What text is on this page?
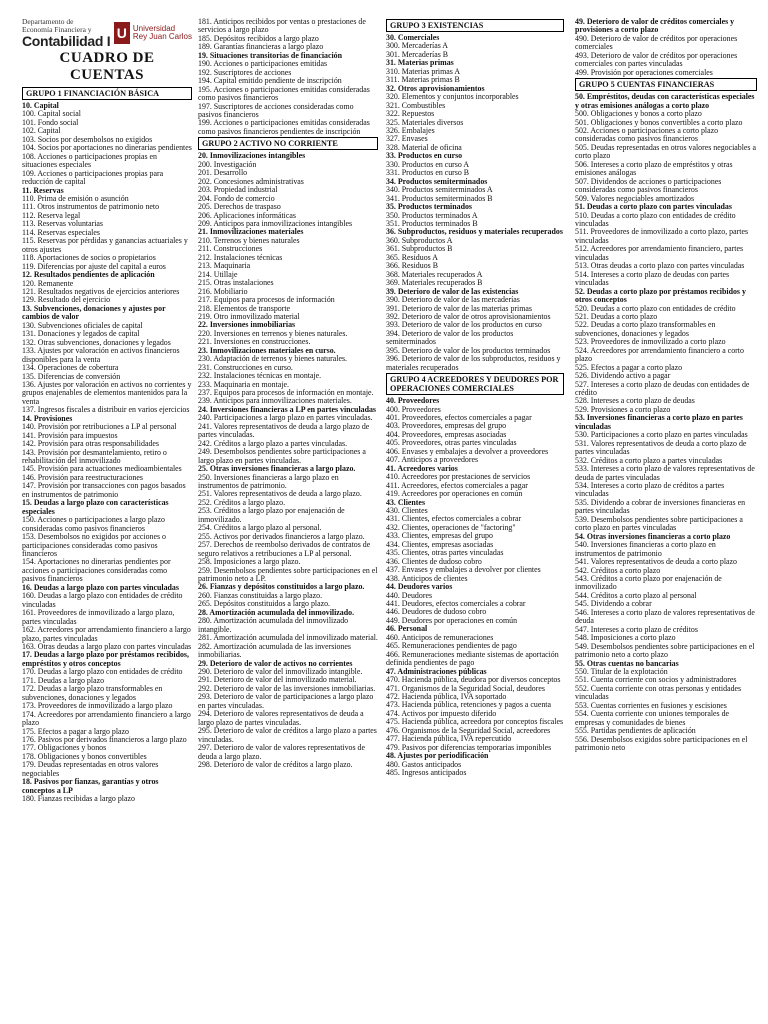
Departamento de
Economía Financiera y
Contabilidad I U Universidad
Rey Juan Carlos
CUADRO DE CUENTAS
GRUPO 1 FINANCIACIÓN BÁSICA
10. Capital
100. Capital social
101. Fondo social
102. Capital
103. Socios por desembolsos no exigidos
104. Socios por aportaciones no dinerarias pendientes
108. Acciones o participaciones propias en situaciones especiales
109. Acciones o participaciones propias para reducción de capital
11. Reservas
110. Prima de emisión o asunción
111. Otros instrumentos de patrimonio neto
112. Reserva legal
113. Reservas voluntarias
114. Reservas especiales
115. Reservas por pérdidas y ganancias actuariales y otros ajustes
118. Aportaciones de socios o propietarios
119. Diferencias por ajuste del capital a euros
12. Resultados pendientes de aplicación
120. Remanente
121. Resultados negativos de ejercicios anteriores
129. Resultado del ejercicio
13. Subvenciones, donaciones y ajustes por cambios de valor
130. Subvenciones oficiales de capital
131. Donaciones y legados de capital
132. Otras subvenciones, donaciones y legados
133. Ajustes por valoración en activos financieros disponibles para la venta
134. Operaciones de cobertura
135. Diferencias de conversión
136. Ajustes por valoración en activos no corrientes y grupos enajenables de elementos mantenidos para la venta
137. Ingresos fiscales a distribuir en varios ejercicios
14. Provisiones
140. Provisión por retribuciones a LP al personal
141. Provisión para impuestos
142. Provisión para otras responsabilidades
143. Provisión por desmantelamiento, retiro o rehabilitación del inmovilizado
145. Provisión para actuaciones medioambientales
146. Provisión para reestructuraciones
147. Provisión por transacciones con pagos basados en instrumentos de patrimonio
15. Deudas a largo plazo con características especiales
150. Acciones o participaciones a largo plazo consideradas como pasivos financieros
153. Desembolsos no exigidos por acciones o participaciones consideradas como pasivos financieros
154. Aportaciones no dinerarias pendientes por acciones o participaciones consideradas como pasivos financieros
16. Deudas a largo plazo con partes vinculadas
160. Deudas a largo plazo con entidades de crédito vinculadas
161. Proveedores de inmovilizado a largo plazo, partes vinculadas
162. Acreedores por arrendamiento financiero a largo plazo, partes vinculadas
163. Otras deudas a largo plazo con partes vinculadas
17. Deudas a largo plazo por préstamos recibidos, empréstitos y otros conceptos
170. Deudas a largo plazo con entidades de crédito
171. Deudas a largo plazo
172. Deudas a largo plazo transformables en subvenciones, donaciones y legados
173. Proveedores de inmovilizado a largo plazo
174. Acreedores por arrendamiento financiero a largo plazo
175. Efectos a pagar a largo plazo
176. Pasivos por derivados financieros a largo plazo
177. Obligaciones y bonos
178. Obligaciones y bonos convertibles
179. Deudas representadas en otros valores negociables
18. Pasivos por fianzas, garantías y otros conceptos a LP
180. Fianzas recibidas a largo plazo
181. Anticipos recibidos por ventas o prestaciones de servicios a largo plazo
185. Depósitos recibidos a largo plazo
189. Garantías financieras a largo plazo
19. Situaciones transitorias de financiación
190. Acciones o participaciones emitidas
192. Suscriptores de acciones
194. Capital emitido pendiente de inscripción
195. Acciones o participaciones emitidas consideradas como pasivos financieros
197. Suscriptores de acciones consideradas como pasivos financieros
199. Acciones o participaciones emitidas consideradas como pasivos financieros pendientes de inscripción
GRUPO 2 ACTIVO NO CORRIENTE
20. Inmovilizaciones intangibles
200. Investigación
201. Desarrollo
202. Concesiones administrativas
203. Propiedad industrial
204. Fondo de comercio
205. Derechos de traspaso
206. Aplicaciones informáticas
209. Anticipos para inmovilizaciones intangibles
21. Inmovilizaciones materiales
210. Terrenos y bienes naturales
211. Construcciones
212. Instalaciones técnicas
213. Maquinaria
214. Utillaje
215. Otras instalaciones
216. Mobiliario
217. Equipos para procesos de información
218. Elementos de transporte
219. Otro inmovilizado material
22. Inversiones inmobiliarias
220. Inversiones en terrenos y bienes naturales.
221. Inversiones en construcciones.
23. Inmovilizaciones materiales en curso.
230. Adaptación de terrenos y bienes naturales.
231. Construcciones en curso.
232. Instalaciones técnicas en montaje.
233. Maquinaria en montaje.
237. Equipos para procesos de información en montaje.
239. Anticipos para inmovilizaciones materiales.
24. Inversiones financieras a LP en partes vinculadas
240. Participaciones a largo plazo en partes vinculadas.
241. Valores representativos de deuda a largo plazo de partes vinculadas.
242. Créditos a largo plazo a partes vinculadas.
249. Desembolsos pendientes sobre participaciones a largo plazo en partes vinculadas.
25. Otras inversiones financieras a largo plazo.
250. Inversiones financieras a largo plazo en instrumentos de patrimonio.
251. Valores representativos de deuda a largo plazo.
252. Créditos a largo plazo.
253. Créditos a largo plazo por enajenación de inmovilizado.
254. Créditos a largo plazo al personal.
255. Activos por derivados financieros a largo plazo.
257. Derechos de reembolso derivados de contratos de seguro relativos a retribuciones a LP al personal.
258. Imposiciones a largo plazo.
259. Desembolsos pendientes sobre participaciones en el patrimonio neto a LP.
26. Fianzas y depósitos constituidos a largo plazo.
260. Fianzas constituidas a largo plazo.
265. Depósitos constituidos a largo plazo.
28. Amortización acumulada del inmovilizado.
280. Amortización acumulada del inmovilizado intangible.
281. Amortización acumulada del inmovilizado material.
282. Amortización acumulada de las inversiones inmobiliarias.
29. Deterioro de valor de activos no corrientes
290. Deterioro de valor del inmovilizado intangible.
291. Deterioro de valor del inmovilizado material.
292. Deterioro de valor de las inversiones inmobiliarias.
293. Deterioro de valor de participaciones a largo plazo en partes vinculadas.
294. Deterioro de valores representativos de deuda a largo plazo de partes vinculadas.
295. Deterioro de valor de créditos a largo plazo a partes vinculadas.
297. Deterioro de valor de valores representativos de deuda a largo plazo.
298. Deterioro de valor de créditos a largo plazo.
GRUPO 3 EXISTENCIAS
30. Comerciales
300. Mercaderías A
301. Mercaderías B
31. Materias primas
310. Materias primas A
311. Materias primas B
32. Otros aprovisionamientos
320. Elementos y conjuntos incorporables
321. Combustibles
322. Repuestos
325. Materiales diversos
326. Embalajes
327. Envases
328. Material de oficina
33. Productos en curso
330. Productos en curso A
331. Productos en curso B
34. Productos semiterminados
340. Productos semiterminados A
341. Productos semiterminados B
35. Productos terminados
350. Productos terminados A
351. Productos terminados B
36. Subproductos, residuos y materiales recuperados
360. Subproductos A
361. Subproductos B
365. Residuos A
366. Residuos B
368. Materiales recuperados A
369. Materiales recuperados B
39. Deterioro de valor de las existencias
390. Deterioro de valor de las mercaderías
391. Deterioro de valor de las materias primas
392. Deterioro de valor de otros aprovisionamientos
393. Deterioro de valor de los productos en curso
394. Deterioro de valor de los productos semiterminados
395. Deterioro de valor de los productos terminados
396. Deterioro de valor de los subproductos, residuos y materiales recuperados
GRUPO 4 ACREEDORES Y DEUDORES POR OPERACIONES COMERCIALES
40. Proveedores
400. Proveedores
401. Proveedores, efectos comerciales a pagar
403. Proveedores, empresas del grupo
404. Proveedores, empresas asociadas
405. Proveedores, otras partes vinculadas
406. Envases y embalajes a devolver a proveedores
407. Anticipos a proveedores
41. Acreedores varios
410. Acreedores por prestaciones de servicios
411. Acreedores, efectos comerciales a pagar
419. Acreedores por operaciones en común
43. Clientes
430. Clientes
431. Clientes, efectos comerciales a cobrar
432. Clientes, operaciones de "factoring"
433. Clientes, empresas del grupo
434. Clientes, empresas asociadas
435. Clientes, otras partes vinculadas
436. Clientes de dudoso cobro
437. Envases y embalajes a devolver por clientes
438. Anticipos de clientes
44. Deudores varios
440. Deudores
441. Deudores, efectos comerciales a cobrar
446. Deudores de dudoso cobro
449. Deudores por operaciones en común
46. Personal
460. Anticipos de remuneraciones
465. Remuneraciones pendientes de pago
466. Remuneraciones mediante sistemas de aportación definida pendientes de pago
47. Administraciones públicas
470. Hacienda pública, deudora por diversos conceptos
471. Organismos de la Seguridad Social, deudores
472. Hacienda pública, IVA soportado
473. Hacienda pública, retenciones y pagos a cuenta
474. Activos por impuesto diferido
475. Hacienda pública, acreedora por conceptos fiscales
476. Organismos de la Seguridad Social, acreedores
477. Hacienda pública, IVA repercutido
479. Pasivos por diferencias temporarias imponibles
48. Ajustes por periodificación
480. Gastos anticipados
485. Ingresos anticipados
49. Deterioro de valor de créditos comerciales y provisiones a corto plazo
490. Deterioro de valor de créditos por operaciones comerciales
493. Deterioro de valor de créditos por operaciones comerciales con partes vinculadas
499. Provisión por operaciones comerciales
GRUPO 5 CUENTAS FINANCIERAS
50. Empréstitos, deudas con características especiales y otras emisiones análogas a corto plazo
500. Obligaciones y bonos a corto plazo
501. Obligaciones y bonos convertibles a corto plazo
502. Acciones o participaciones a corto plazo consideradas como pasivos financieros
505. Deudas representadas en otros valores negociables a corto plazo
506. Intereses a corto plazo de empréstitos y otras emisiones análogas
507. Dividendos de acciones o participaciones consideradas como pasivos financieros
509. Valores negociables amortizados
51. Deudas a corto plazo con partes vinculadas
510. Deudas a corto plazo con entidades de crédito vinculadas
511. Proveedores de inmovilizado a corto plazo, partes vinculadas
512. Acreedores por arrendamiento financiero, partes vinculadas
513. Otras deudas a corto plazo con partes vinculadas
514. Intereses a corto plazo de deudas con partes vinculadas
52. Deudas a corto plazo por préstamos recibidos y otros conceptos
520. Deudas a corto plazo con entidades de crédito
521. Deudas a corto plazo
522. Deudas a corto plazo transformables en subvenciones, donaciones y legados
523. Proveedores de inmovilizado a corto plazo
524. Acreedores por arrendamiento financiero a corto plazo
525. Efectos a pagar a corto plazo
526. Dividendo activo a pagar
527. Intereses a corto plazo de deudas con entidades de crédito
528. Intereses a corto plazo de deudas
529. Provisiones a corto plazo
53. Inversiones financieras a corto plazo en partes vinculadas
530. Participaciones a corto plazo en partes vinculadas
531. Valores representativos de deuda a corto plazo de partes vinculadas
532. Créditos a corto plazo a partes vinculadas
533. Intereses a corto plazo de valores representativos de deuda de partes vinculadas
534. Intereses a corto plazo de créditos a partes vinculadas
535. Dividendo a cobrar de inversiones financieras en partes vinculadas
539. Desembolsos pendientes sobre participaciones a corto plazo en partes vinculadas
54. Otras inversiones financieras a corto plazo
540. Inversiones financieras a corto plazo en instrumentos de patrimonio
541. Valores representativos de deuda a corto plazo
542. Créditos a corto plazo
543. Créditos a corto plazo por enajenación de inmovilizado
544. Créditos a corto plazo al personal
545. Dividendo a cobrar
546. Intereses a corto plazo de valores representativos de deuda
547. Intereses a corto plazo de créditos
548. Imposiciones a corto plazo
549. Desembolsos pendientes sobre participaciones en el patrimonio neto a corto plazo
55. Otras cuentas no bancarias
550. Titular de la explotación
551. Cuenta corriente con socios y administradores
552. Cuenta corriente con otras personas y entidades vinculadas
553. Cuentas corrientes en fusiones y escisiones
554. Cuenta corriente con uniones temporales de empresas y comunidades de bienes
555. Partidas pendientes de aplicación
556. Desembolsos exigidos sobre participaciones en el patrimonio neto
